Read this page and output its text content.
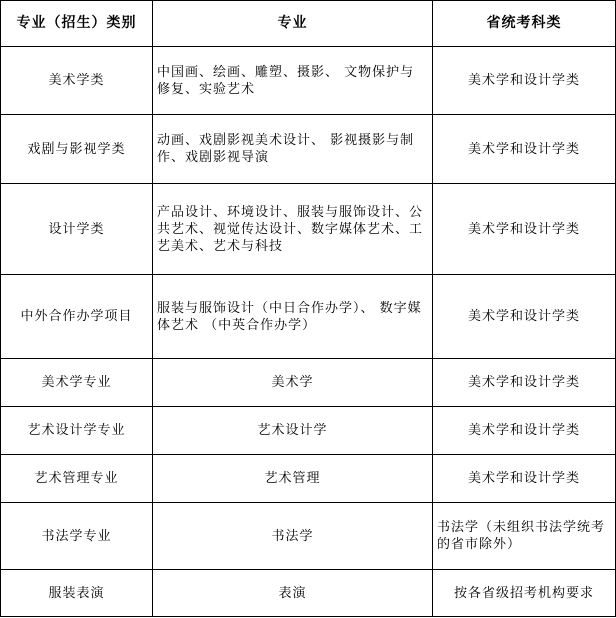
专业（招生）类别	专业	省统考科类
美术学类	中国画、绘画、雕塑、摄影、 文物保护与修复、实验艺术	美术学和设计学类
戏剧与影视学类	动画、戏剧影视美术设计、 影视摄影与制作、戏剧影视导演	美术学和设计学类
设计学类	产品设计、环境设计、服装与服饰设计、公共艺术、视觉传达设计、数字媒体艺术、工艺美术、艺术与科技	美术学和设计学类
中外合作办学项目	服装与服饰设计（中日合作办学）、 数字媒体艺术 （中英合作办学）	美术学和设计学类
美术学专业	美术学	美术学和设计学类
艺术设计学专业	艺术设计学	美术学和设计学类
艺术管理专业	艺术管理	美术学和设计学类
书法学专业	书法学	书法学（未组织书法学统考的省市除外）
服装表演	表演	按各省级招考机构要求
